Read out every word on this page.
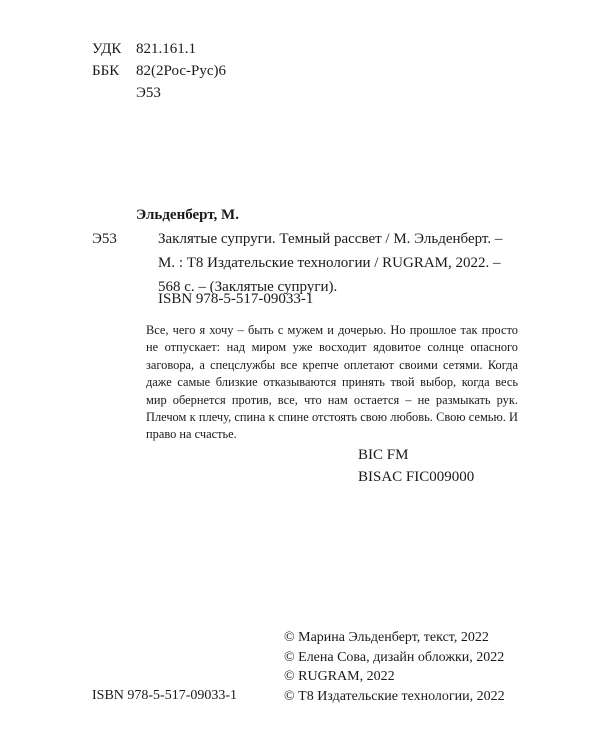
УДК 821.161.1
ББК 82(2Рос-Рус)6
Э53
Эльденберт, М.
Э53	Заклятые супруги. Темный рассвет / М. Эльденберт. –
М. : Т8 Издательские технологии / RUGRAM, 2022. –
568 с. – (Заклятые супруги).
ISBN 978-5-517-09033-1
Все, чего я хочу – быть с мужем и дочерью. Но прошлое так просто не отпускает: над миром уже восходит ядовитое солнце опасного заговора, а спецслужбы все крепче оплетают своими сетями. Когда даже самые близкие отказываются принять твой выбор, когда весь мир обернется против, все, что нам остается – не размыкать рук. Плечом к плечу, спина к спине отстоять свою любовь. Свою семью. И право на счастье.
BIC FM
BISAC FIC009000
ISBN 978-5-517-09033-1
© Марина Эльденберт, текст, 2022
© Елена Сова, дизайн обложки, 2022
© RUGRAM, 2022
© Т8 Издательские технологии, 2022
